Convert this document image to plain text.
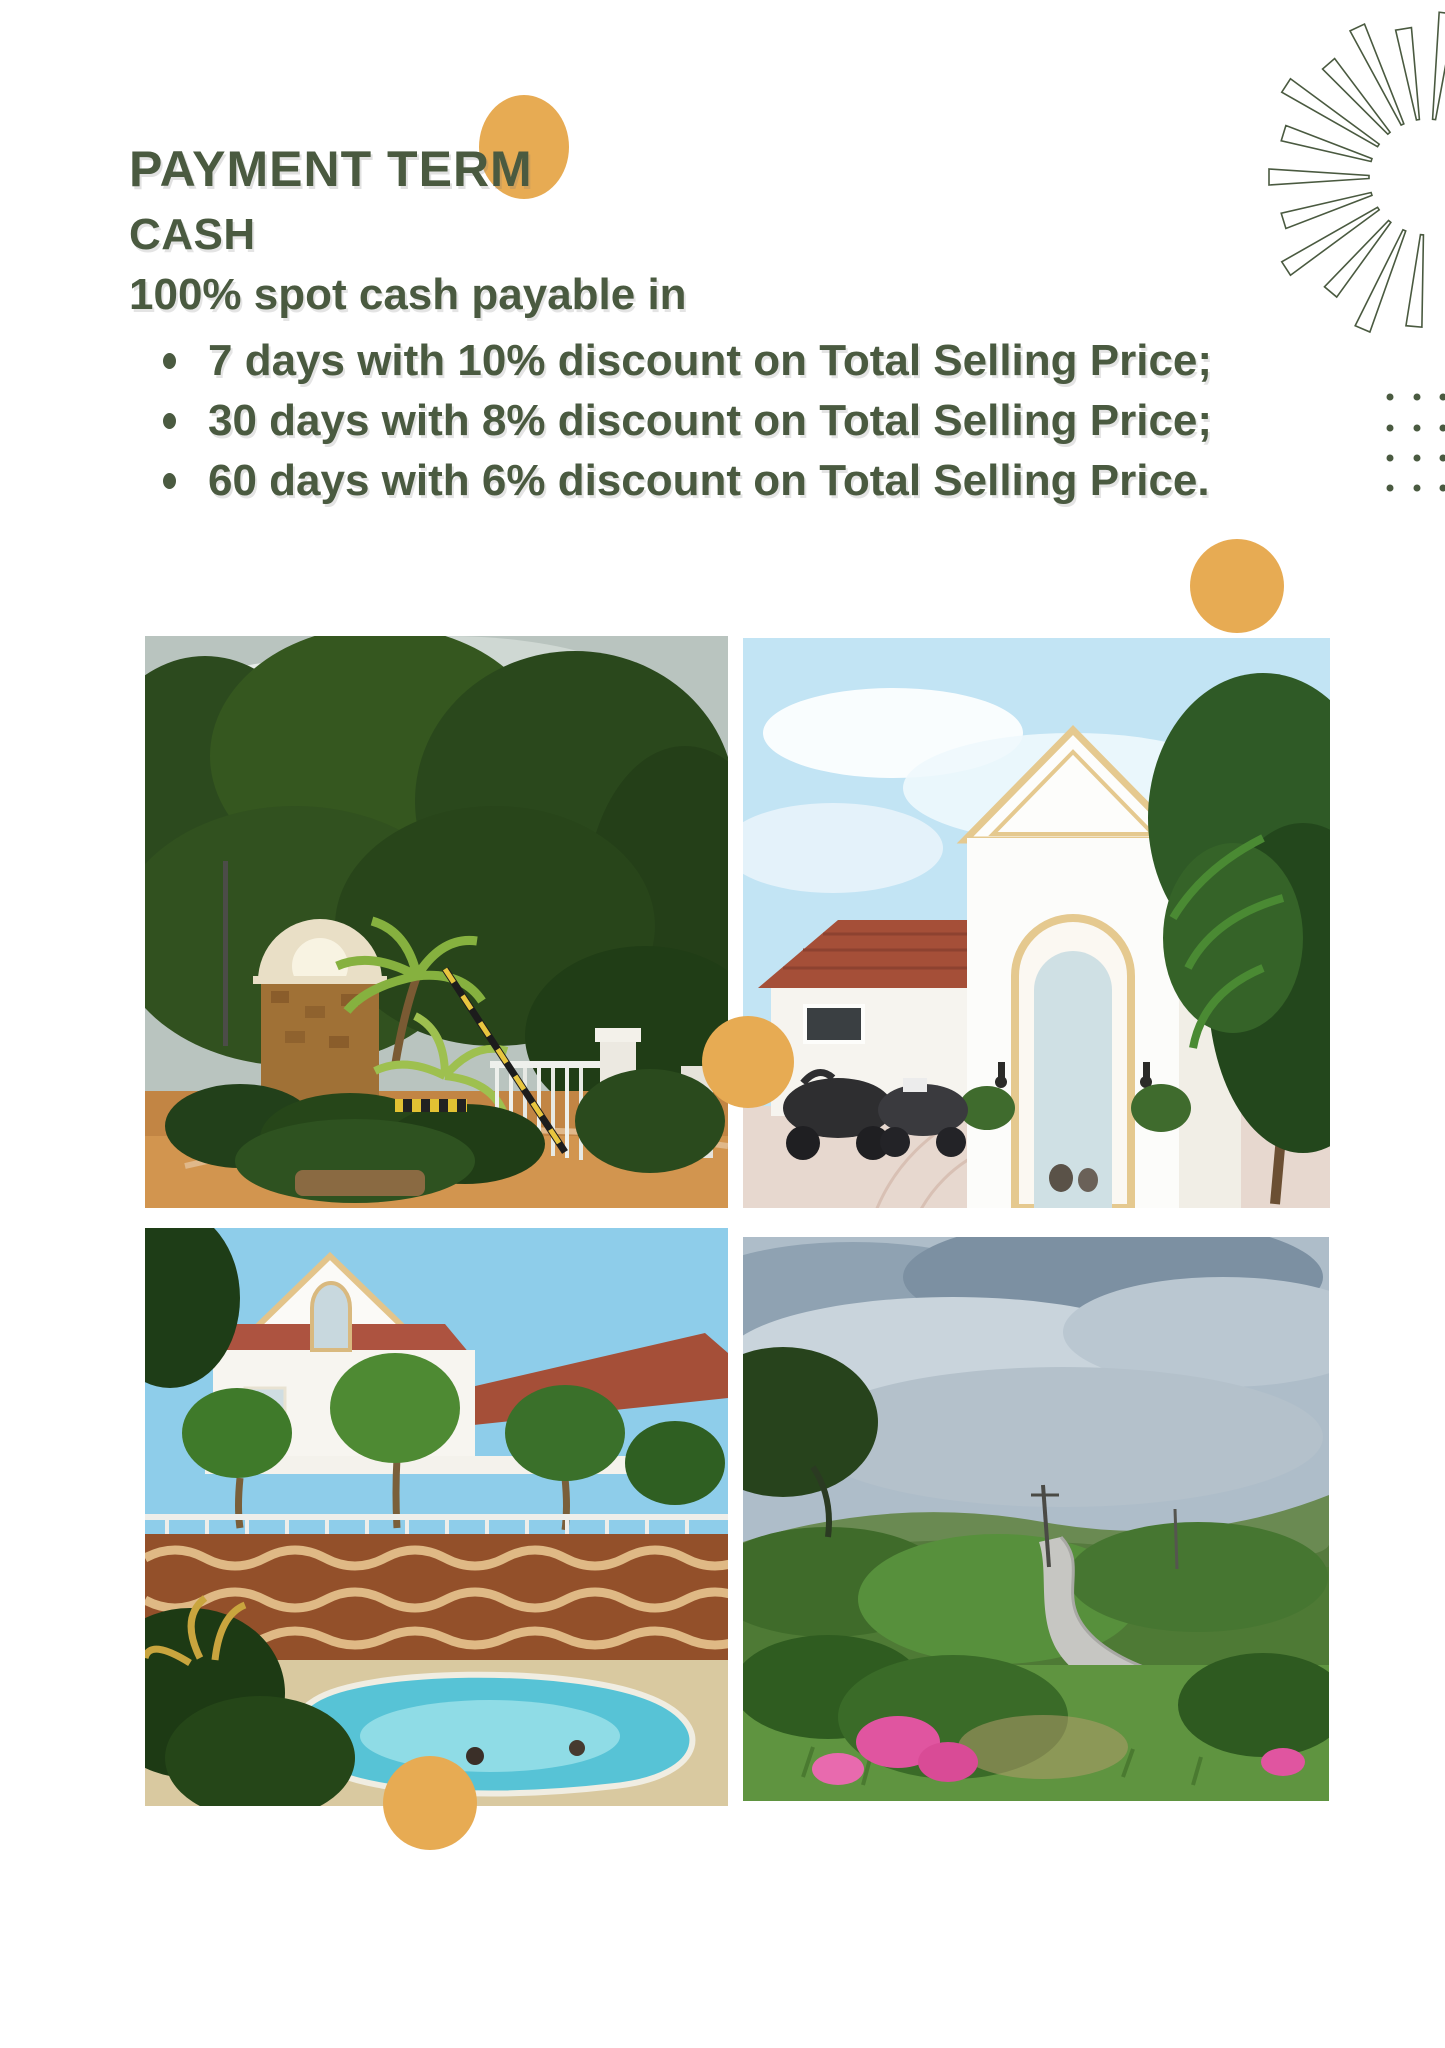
PAYMENT TERM
CASH
100% spot cash payable in
7 days with 10% discount on Total Selling Price;
30 days with 8% discount on Total Selling Price;
60 days with 6% discount on Total Selling Price.
